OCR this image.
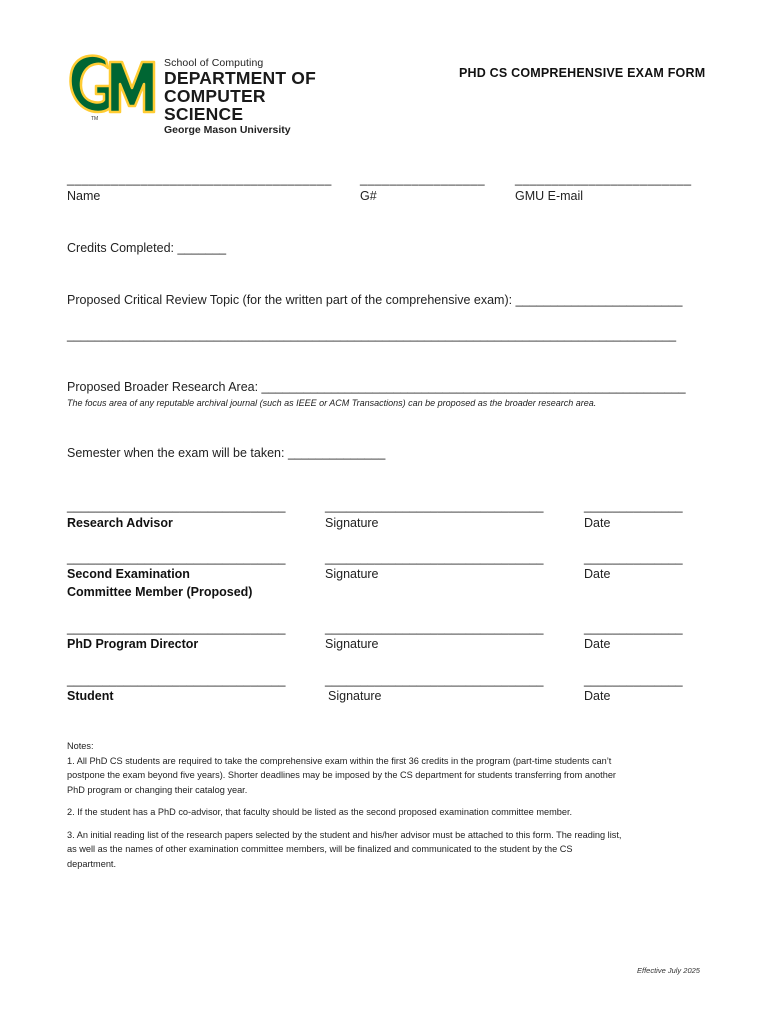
TM
School of Computing
DEPARTMENT OF
COMPUTER SCIENCE
George Mason University
PHD CS COMPREHENSIVE EXAM FORM
____________________________________
Name
_________________
G#
________________________
GMU E-mail
Credits Completed: _______
Proposed Critical Review Topic (for the written part of the comprehensive exam): ________________________
_______________________________________________________________________________________
Proposed Broader Research Area: _____________________________________________________________
The focus area of any reputable archival journal (such as IEEE or ACM Transactions) can be proposed as the broader research area.
Semester when the exam will be taken: ______________
_______________________________
Research Advisor
_______________________________
Signature
______________
Date
_______________________________
Second Examination
Committee Member (Proposed)
_______________________________
Signature
______________
Date
_______________________________
PhD Program Director
_______________________________
Signature
______________
Date
_______________________________
Student
_______________________________
Signature
______________
Date
Notes:
1. All PhD CS students are required to take the comprehensive exam within the first 36 credits in the program (part-time students can’t
postpone the exam beyond five years). Shorter deadlines may be imposed by the CS department for students transferring from another
PhD program or changing their catalog year.
2. If the student has a PhD co-advisor, that faculty should be listed as the second proposed examination committee member.
3. An initial reading list of the research papers selected by the student and his/her advisor must be attached to this form. The reading list,
as well as the names of other examination committee members, will be finalized and communicated to the student by the CS
department.
Effective July 2025
